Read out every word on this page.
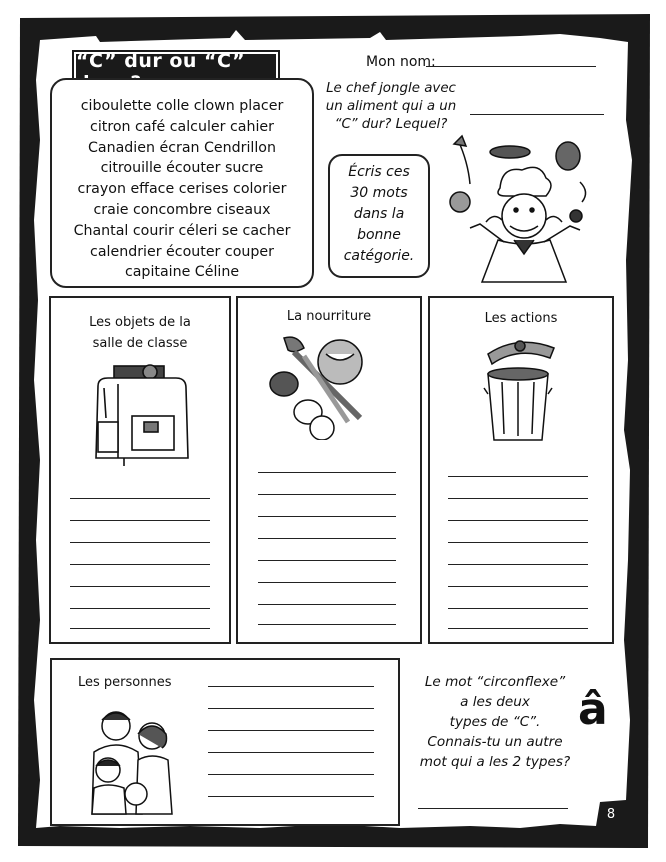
“C” dur ou “C”
ciboulette colle clown placer
citron café calculer cahier
Canadien écran Cendrillon
citrouille écouter sucre
crayon efface cerises colorier
craie concombre ciseaux
Chantal courir céleri se cacher
calendrier écouter couper
capitaine Céline
Mon nom:
Le chef jongle avec
un aliment qui a un
“C” dur? Lequel?
Écris ces
30 mots
dans la
bonne
catégorie.
Les objets de la
salle de classe
La nourriture	Les actions
Les personnes	Le mot “circonflexe”
a les deux
types de “C”.
Connais-tu un autre
mot qui a les 2 types?
â
8
